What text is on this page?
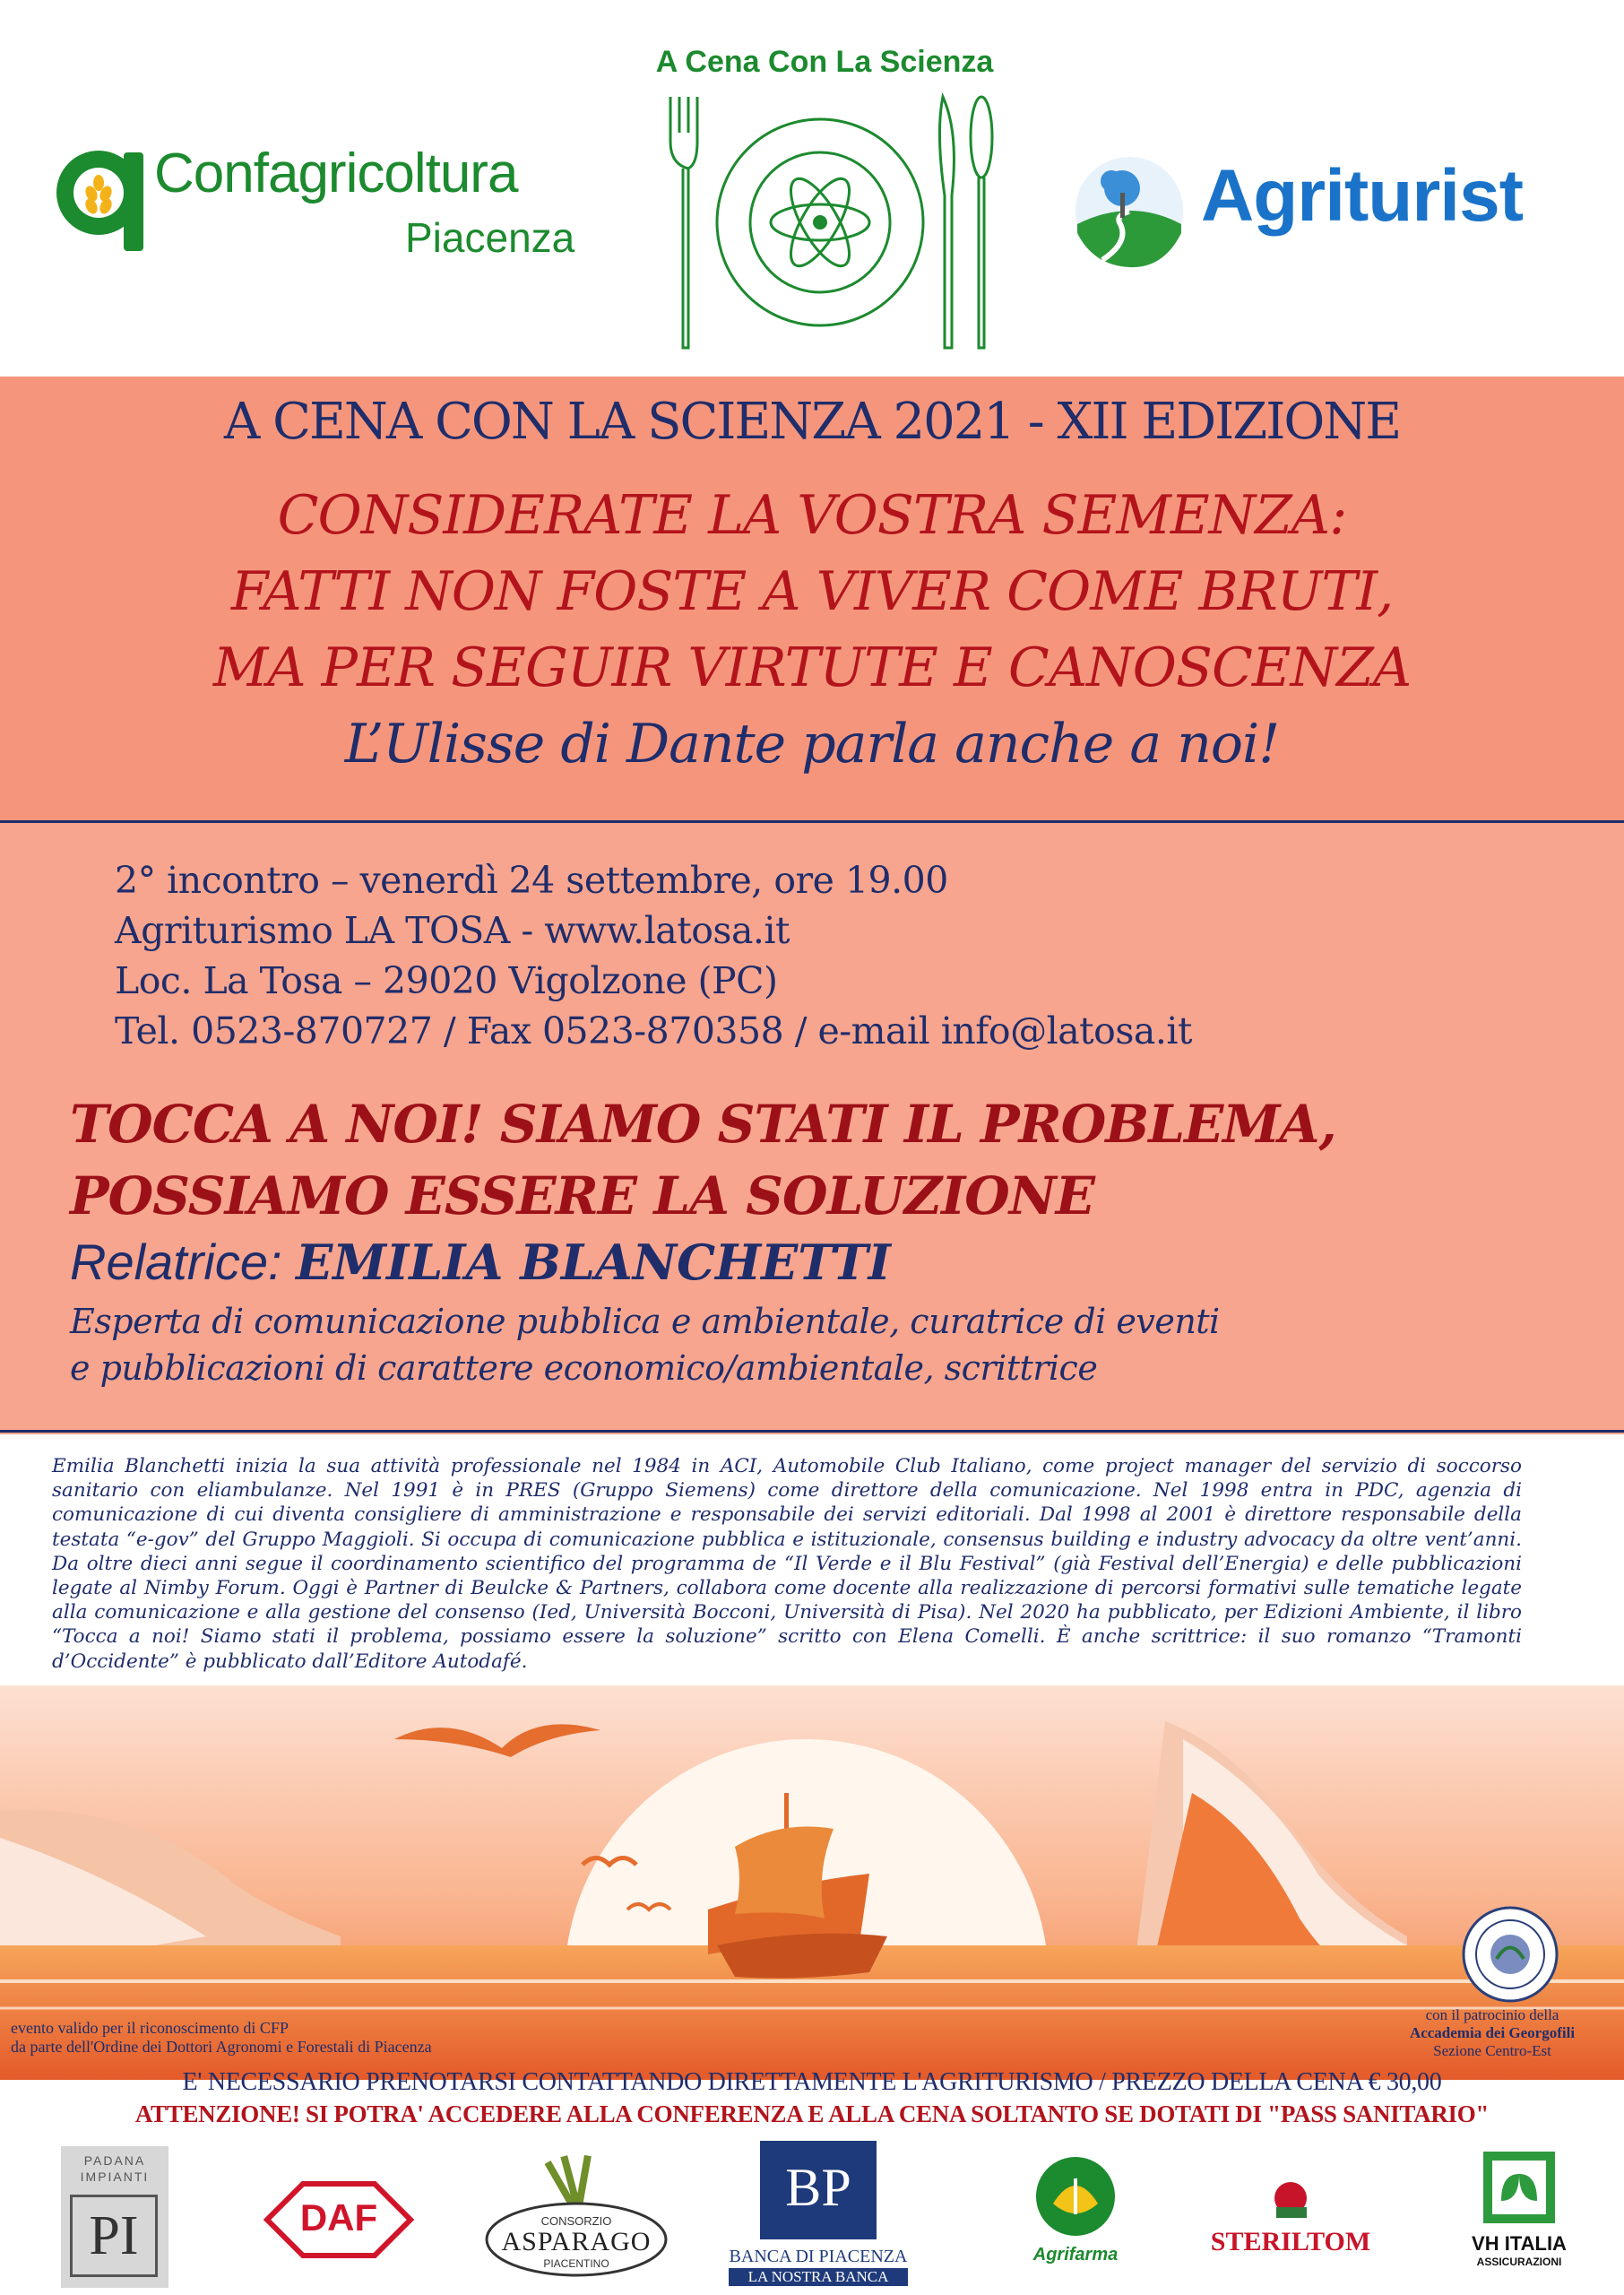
Confagricoltura
Piacenza
A Cena Con La Scienza
Agriturist
A CENA CON LA SCIENZA 2021 - XII EDIZIONE
CONSIDERATE LA VOSTRA SEMENZA:
FATTI NON FOSTE A VIVER COME BRUTI,
MA PER SEGUIR VIRTUTE E CANOSCENZA
L’Ulisse di Dante parla anche a noi!
2° incontro – venerdì 24 settembre, ore 19.00
Agriturismo LA TOSA - www.latosa.it
Loc. La Tosa – 29020 Vigolzone (PC)
Tel. 0523-870727 / Fax 0523-870358 / e-mail info@latosa.it
TOCCA A NOI! SIAMO STATI IL PROBLEMA,
POSSIAMO ESSERE LA SOLUZIONE
Relatrice: EMILIA BLANCHETTI
Esperta di comunicazione pubblica e ambientale, curatrice di eventi
e pubblicazioni di carattere economico/ambientale, scrittrice
Emilia Blanchetti inizia la sua attività professionale nel 1984 in ACI, Automobile Club Italiano, come project manager del servizio di soccorso sanitario con eliambulanze. Nel 1991 è in PRES (Gruppo Siemens) come direttore della comunicazione. Nel 1998 entra in PDC, agenzia di comunicazione di cui diventa consigliere di amministrazione e responsabile dei servizi editoriali. Dal 1998 al 2001 è direttore responsabile della testata “e-gov” del Gruppo Maggioli. Si occupa di comunicazione pubblica e istituzionale, consensus building e industry advocacy da oltre vent’anni. Da oltre dieci anni segue il coordinamento scientifico del programma de “Il Verde e il Blu Festival” (già Festival dell’Energia) e delle pubblicazioni legate al Nimby Forum. Oggi è Partner di Beulcke & Partners, collabora come docente alla realizzazione di percorsi formativi sulle tematiche legate alla comunicazione e alla gestione del consenso (Ied, Università Bocconi, Università di Pisa). Nel 2020 ha pubblicato, per Edizioni Ambiente, il libro “Tocca a noi! Siamo stati il problema, possiamo essere la soluzione” scritto con Elena Comelli. È anche scrittrice: il suo romanzo “Tramonti d’Occidente” è pubblicato dall’Editore Autodafé.
evento valido per il riconoscimento di CFP
da parte dell'Ordine dei Dottori Agronomi e Forestali di Piacenza
con il patrocinio della
Accademia dei Georgofili
Sezione Centro-Est
E' NECESSARIO PRENOTARSI CONTATTANDO DIRETTAMENTE L'AGRITURISMO / PREZZO DELLA CENA € 30,00
ATTENZIONE! SI POTRA' ACCEDERE ALLA CONFERENZA E ALLA CENA SOLTANTO SE DOTATI DI "PASS SANITARIO"
PADANA
IMPIANTI
PI	DAF	CONSORZIO
ASPARAGO
PIACENTINO
BP
BANCA DI PIACENZA
LA NOSTRA BANCA
Agrifarma	STERILTOM	VH ITALIA
ASSICURAZIONI
